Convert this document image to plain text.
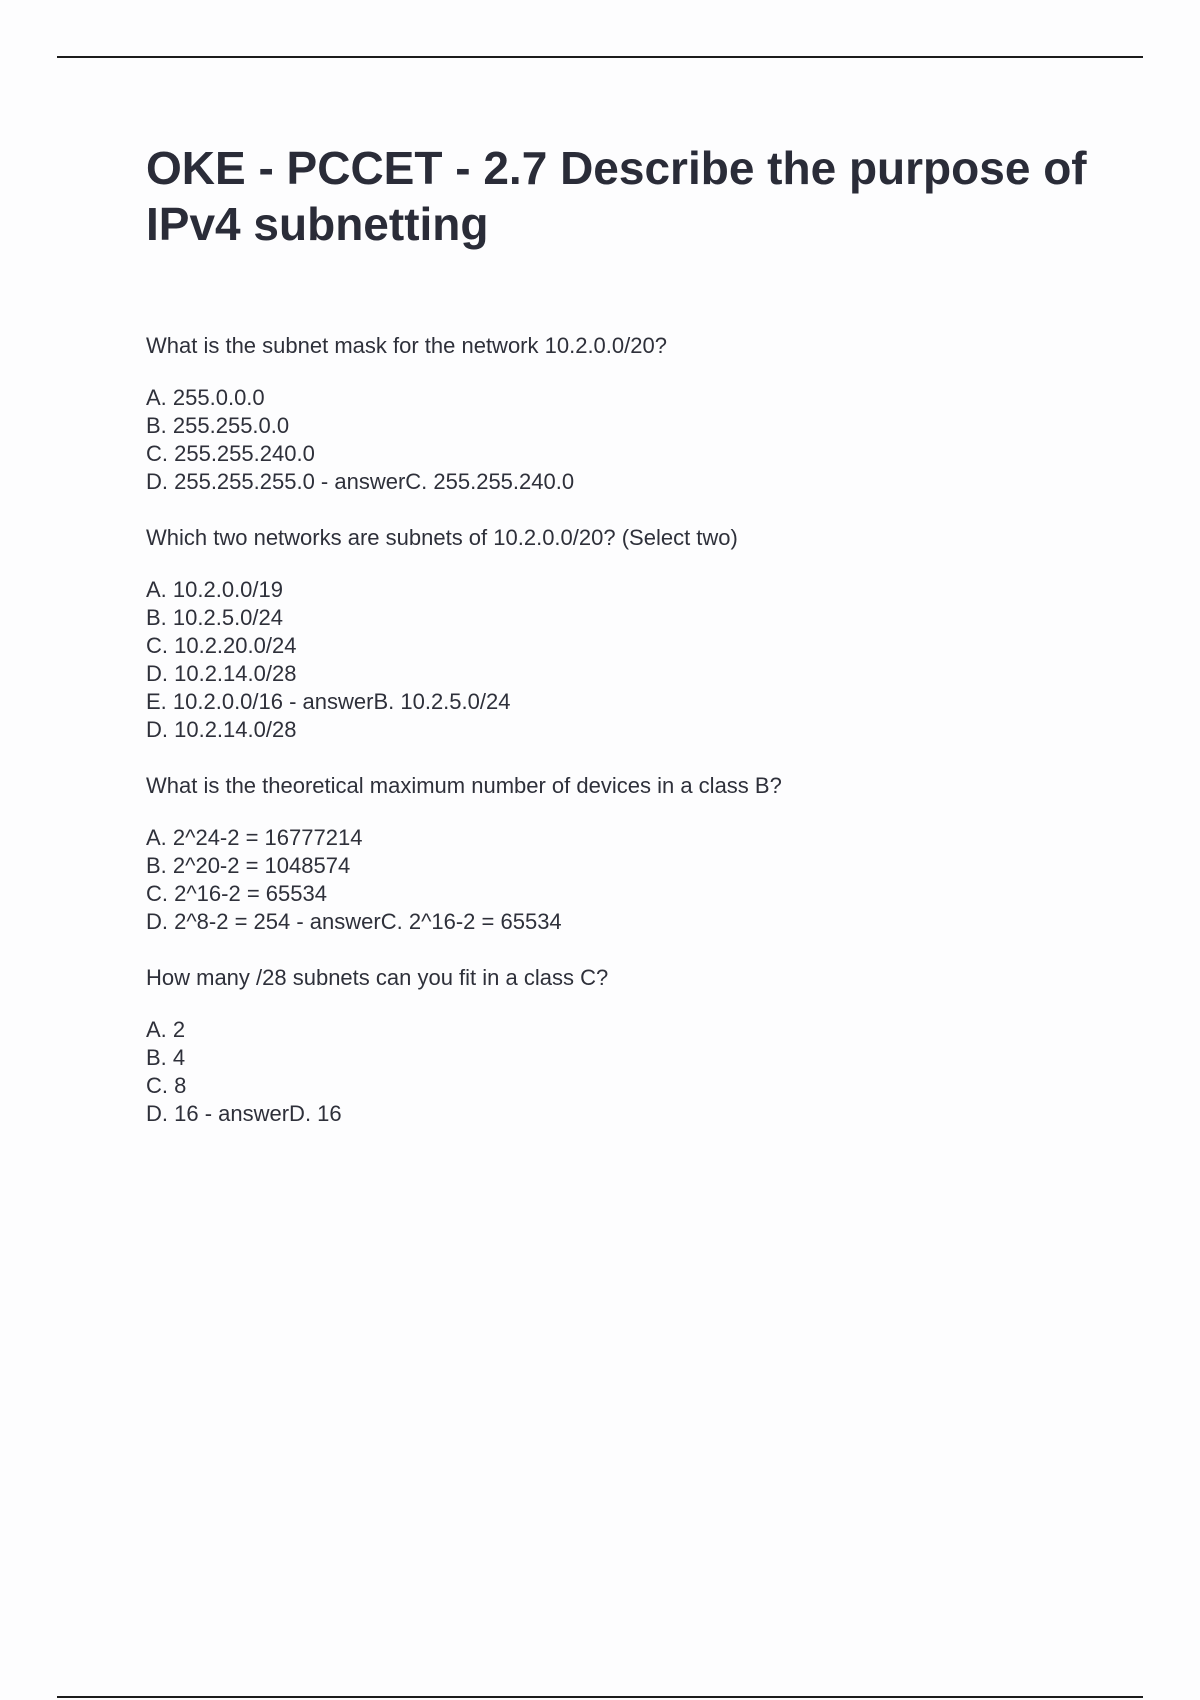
OKE - PCCET - 2.7 Describe the purpose of IPv4 subnetting

What is the subnet mask for the network 10.2.0.0/20?

A. 255.0.0.0
B. 255.255.0.0
C. 255.255.240.0
D. 255.255.255.0 - answerC. 255.255.240.0

Which two networks are subnets of 10.2.0.0/20? (Select two)

A. 10.2.0.0/19
B. 10.2.5.0/24
C. 10.2.20.0/24
D. 10.2.14.0/28
E. 10.2.0.0/16 - answerB. 10.2.5.0/24
D. 10.2.14.0/28

What is the theoretical maximum number of devices in a class B?

A. 2^24-2 = 16777214
B. 2^20-2 = 1048574
C. 2^16-2 = 65534
D. 2^8-2 = 254 - answerC. 2^16-2 = 65534

How many /28 subnets can you fit in a class C?

A. 2
B. 4
C. 8
D. 16 - answerD. 16
